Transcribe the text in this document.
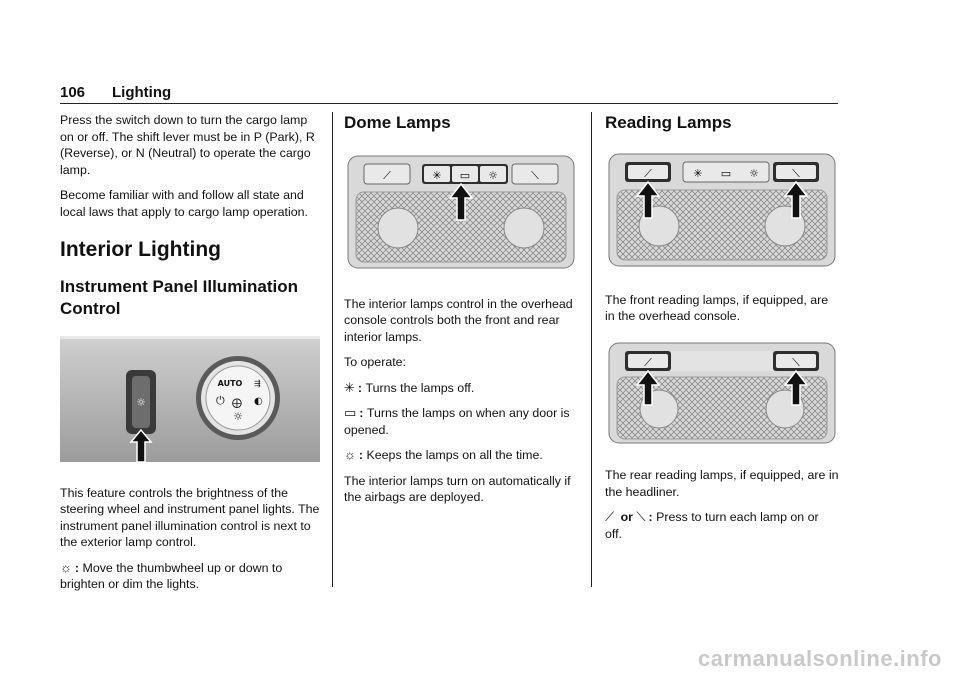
106 Lighting

Press the switch down to turn the cargo lamp on or off. The shift lever must be in P (Park), R (Reverse), or N (Neutral) to operate the cargo lamp.

Become familiar with and follow all state and local laws that apply to cargo lamp operation.

Interior Lighting
Instrument Panel Illumination Control
☼
AUTO ⇶
⏻ ⨁ ◐
☼

This feature controls the brightness of the steering wheel and instrument panel lights. The instrument panel illumination control is next to the exterior lamp control.

☼ : Move the thumbwheel up or down to brighten or dim the lights.

Dome Lamps
⟋	✳ ▭ ☼	⟍

The interior lamps control in the overhead console controls both the front and rear interior lamps.

To operate:

✳ : Turns the lamps off.

▭ : Turns the lamps on when any door is opened.

☼ : Keeps the lamps on all the time.

The interior lamps turn on automatically if the airbags are deployed.

Reading Lamps
⟋	✳ ▭ ☼	⟍

The front reading lamps, if equipped, are in the overhead console.

⟋	⟍

The rear reading lamps, if equipped, are in the headliner.

⟋ or ⟍ : Press to turn each lamp on or off.

carmanualsonline.info
